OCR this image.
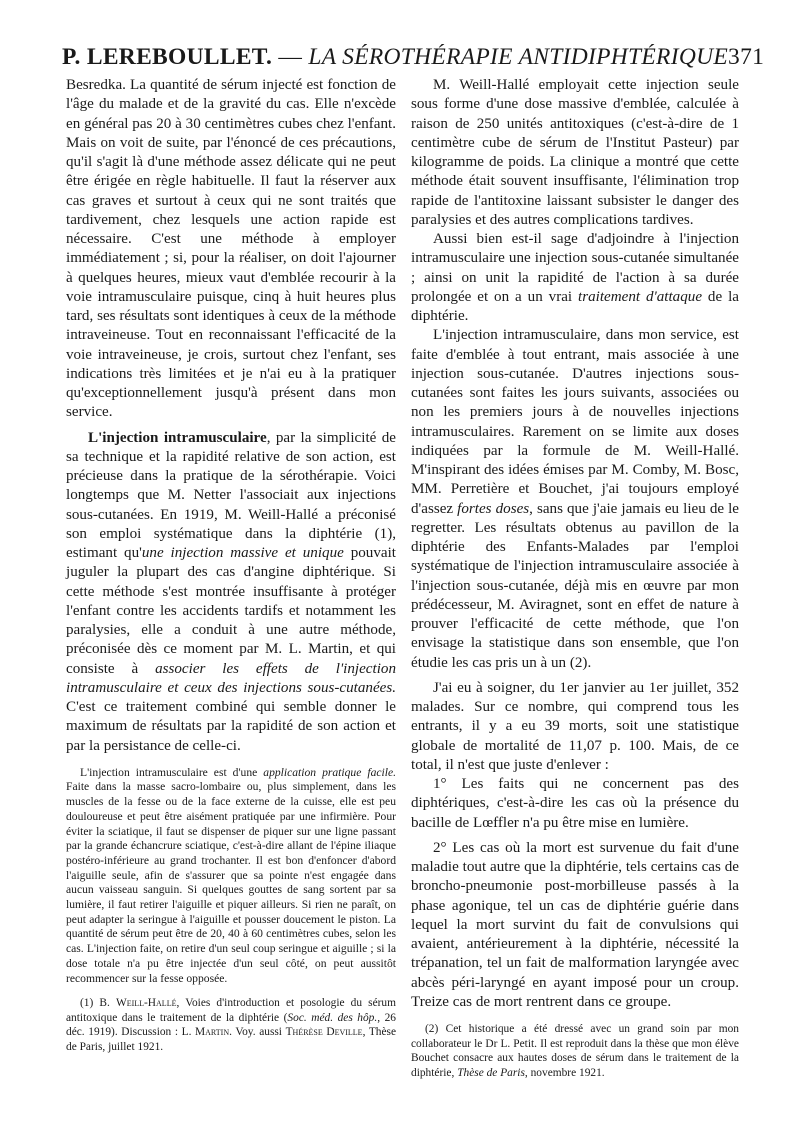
P. LEREBOULLET. — LA SÉROTHÉRAPIE ANTIDIPHTÉRIQUE 371

Besredka. La quantité de sérum injecté est fonction de l'âge du malade et de la gravité du cas. Elle n'excède en général pas 20 à 30 centimètres cubes chez l'enfant. Mais on voit de suite, par l'énoncé de ces précautions, qu'il s'agit là d'une méthode assez délicate qui ne peut être érigée en règle habituelle. Il faut la réserver aux cas graves et surtout à ceux qui ne sont traités que tardivement, chez lesquels une action rapide est nécessaire. C'est une méthode à employer immédiatement ; si, pour la réaliser, on doit l'ajourner à quelques heures, mieux vaut d'emblée recourir à la voie intramusculaire puisque, cinq à huit heures plus tard, ses résultats sont identiques à ceux de la méthode intraveineuse. Tout en reconnaissant l'efficacité de la voie intraveineuse, je crois, surtout chez l'enfant, ses indications très limitées et je n'ai eu à la pratiquer qu'exceptionnellement jusqu'à présent dans mon service.

L'injection intramusculaire, par la simplicité de sa technique et la rapidité relative de son action, est précieuse dans la pratique de la sérothérapie. Voici longtemps que M. Netter l'associait aux injections sous-cutanées. En 1919, M. Weill-Hallé a préconisé son emploi systématique dans la diphtérie (1), estimant qu'une injection massive et unique pouvait juguler la plupart des cas d'angine diphtérique. Si cette méthode s'est montrée insuffisante à protéger l'enfant contre les accidents tardifs et notamment les paralysies, elle a conduit à une autre méthode, préconisée dès ce moment par M. L. Martin, et qui consiste à associer les effets de l'injection intramusculaire et ceux des injections sous-cutanées. C'est ce traitement combiné qui semble donner le maximum de résultats par la rapidité de son action et par la persistance de celle-ci.

L'injection intramusculaire est d'une application pratique facile. Faite dans la masse sacro-lombaire ou, plus simplement, dans les muscles de la fesse ou de la face externe de la cuisse, elle est peu douloureuse et peut être aisément pratiquée par une infirmière. Pour éviter la sciatique, il faut se dispenser de piquer sur une ligne passant par la grande échancrure sciatique, c'est-à-dire allant de l'épine iliaque postéro-inférieure au grand trochanter. Il est bon d'enfoncer d'abord l'aiguille seule, afin de s'assurer que sa pointe n'est engagée dans aucun vaisseau sanguin. Si quelques gouttes de sang sortent par sa lumière, il faut retirer l'aiguille et piquer ailleurs. Si rien ne paraît, on peut adapter la seringue à l'aiguille et pousser doucement le piston. La quantité de sérum peut être de 20, 40 à 60 centimètres cubes, selon les cas. L'injection faite, on retire d'un seul coup seringue et aiguille ; si la dose totale n'a pu être injectée d'un seul côté, on peut aussitôt recommencer sur la fesse opposée.

(1) B. Weill-Hallé, Voies d'introduction et posologie du sérum antitoxique dans le traitement de la diphtérie (Soc. méd. des hôp., 26 déc. 1919). Discussion : L. Martin. Voy. aussi Thérèse Deville, Thèse de Paris, juillet 1921.

M. Weill-Hallé employait cette injection seule sous forme d'une dose massive d'emblée, calculée à raison de 250 unités antitoxiques (c'est-à-dire de 1 centimètre cube de sérum de l'Institut Pasteur) par kilogramme de poids. La clinique a montré que cette méthode était souvent insuffisante, l'élimination trop rapide de l'antitoxine laissant subsister le danger des paralysies et des autres complications tardives.

Aussi bien est-il sage d'adjoindre à l'injection intramusculaire une injection sous-cutanée simultanée ; ainsi on unit la rapidité de l'action à sa durée prolongée et on a un vrai traitement d'attaque de la diphtérie.

L'injection intramusculaire, dans mon service, est faite d'emblée à tout entrant, mais associée à une injection sous-cutanée. D'autres injections sous-cutanées sont faites les jours suivants, associées ou non les premiers jours à de nouvelles injections intramusculaires. Rarement on se limite aux doses indiquées par la formule de M. Weill-Hallé. M'inspirant des idées émises par M. Comby, M. Bosc, MM. Perretière et Bouchet, j'ai toujours employé d'assez fortes doses, sans que j'aie jamais eu lieu de le regretter. Les résultats obtenus au pavillon de la diphtérie des Enfants-Malades par l'emploi systématique de l'injection intramusculaire associée à l'injection sous-cutanée, déjà mis en œuvre par mon prédécesseur, M. Aviragnet, sont en effet de nature à prouver l'efficacité de cette méthode, que l'on envisage la statistique dans son ensemble, que l'on étudie les cas pris un à un (2).

J'ai eu à soigner, du 1er janvier au 1er juillet, 352 malades. Sur ce nombre, qui comprend tous les entrants, il y a eu 39 morts, soit une statistique globale de mortalité de 11,07 p. 100. Mais, de ce total, il n'est que juste d'enlever :

1° Les faits qui ne concernent pas des diphtériques, c'est-à-dire les cas où la présence du bacille de Lœffler n'a pu être mise en lumière.

2° Les cas où la mort est survenue du fait d'une maladie tout autre que la diphtérie, tels certains cas de broncho-pneumonie post-morbilleuse passés à la phase agonique, tel un cas de diphtérie guérie dans lequel la mort survint du fait de convulsions qui avaient, antérieurement à la diphtérie, nécessité la trépanation, tel un fait de malformation laryngée avec abcès péri-laryngé en ayant imposé pour un croup. Treize cas de mort rentrent dans ce groupe.

(2) Cet historique a été dressé avec un grand soin par mon collaborateur le Dr L. Petit. Il est reproduit dans la thèse que mon élève Bouchet consacre aux hautes doses de sérum dans le traitement de la diphtérie, Thèse de Paris, novembre 1921.
